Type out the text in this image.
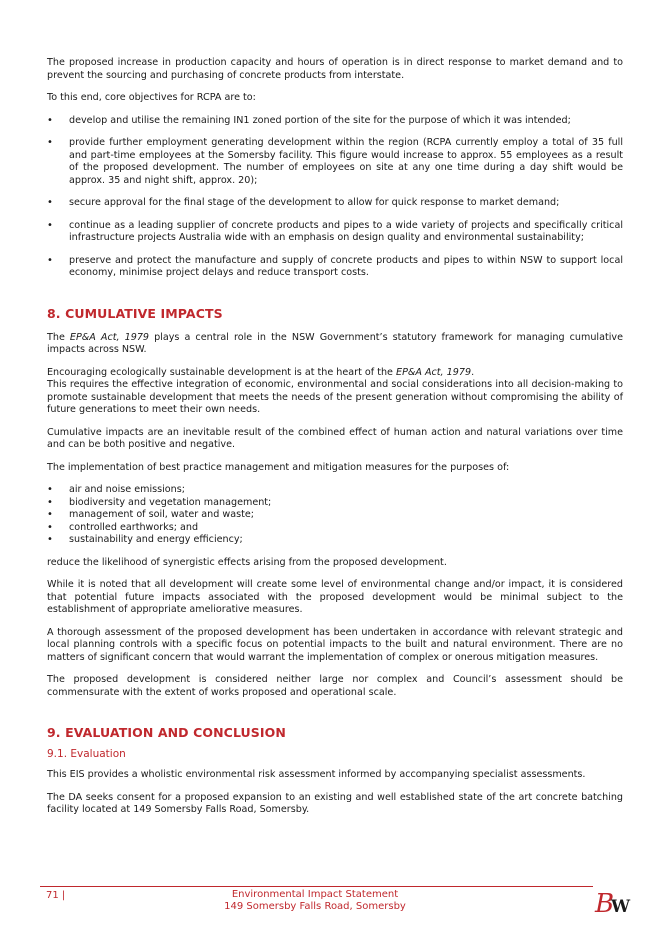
The proposed increase in production capacity and hours of operation is in direct response to market demand and to prevent the sourcing and purchasing of concrete products from interstate.

To this end, core objectives for RCPA are to:

• develop and utilise the remaining IN1 zoned portion of the site for the purpose of which it was intended;
• provide further employment generating development within the region (RCPA currently employ a total of 35 full and part-time employees at the Somersby facility. This figure would increase to approx. 55 employees as a result of the proposed development. The number of employees on site at any one time during a day shift would be approx. 35 and night shift, approx. 20);
• secure approval for the final stage of the development to allow for quick response to market demand;
• continue as a leading supplier of concrete products and pipes to a wide variety of projects and specifically critical infrastructure projects Australia wide with an emphasis on design quality and environmental sustainability;
• preserve and protect the manufacture and supply of concrete products and pipes to within NSW to support local economy, minimise project delays and reduce transport costs.
8. CUMULATIVE IMPACTS

The EP&A Act, 1979 plays a central role in the NSW Government’s statutory framework for managing cumulative impacts across NSW.

Encouraging ecologically sustainable development is at the heart of the EP&A Act, 1979.

This requires the effective integration of economic, environmental and social considerations into all decision-making to promote sustainable development that meets the needs of the present generation without compromising the ability of future generations to meet their own needs.

Cumulative impacts are an inevitable result of the combined effect of human action and natural variations over time and can be both positive and negative.

The implementation of best practice management and mitigation measures for the purposes of:

• air and noise emissions;
• biodiversity and vegetation management;
• management of soil, water and waste;
• controlled earthworks; and
• sustainability and energy efficiency;

reduce the likelihood of synergistic effects arising from the proposed development.

While it is noted that all development will create some level of environmental change and/or impact, it is considered that potential future impacts associated with the proposed development would be minimal subject to the establishment of appropriate ameliorative measures.

A thorough assessment of the proposed development has been undertaken in accordance with relevant strategic and local planning controls with a specific focus on potential impacts to the built and natural environment. There are no matters of significant concern that would warrant the implementation of complex or onerous mitigation measures.

The proposed development is considered neither large nor complex and Council’s assessment should be commensurate with the extent of works proposed and operational scale.

9. EVALUATION AND CONCLUSION
9.1. Evaluation

This EIS provides a wholistic environmental risk assessment informed by accompanying specialist assessments.

The DA seeks consent for a proposed expansion to an existing and well established state of the art concrete batching facility located at 149 Somersby Falls Road, Somersby.

71 |	Environmental Impact Statement
149 Somersby Falls Road, Somersby	B
W
